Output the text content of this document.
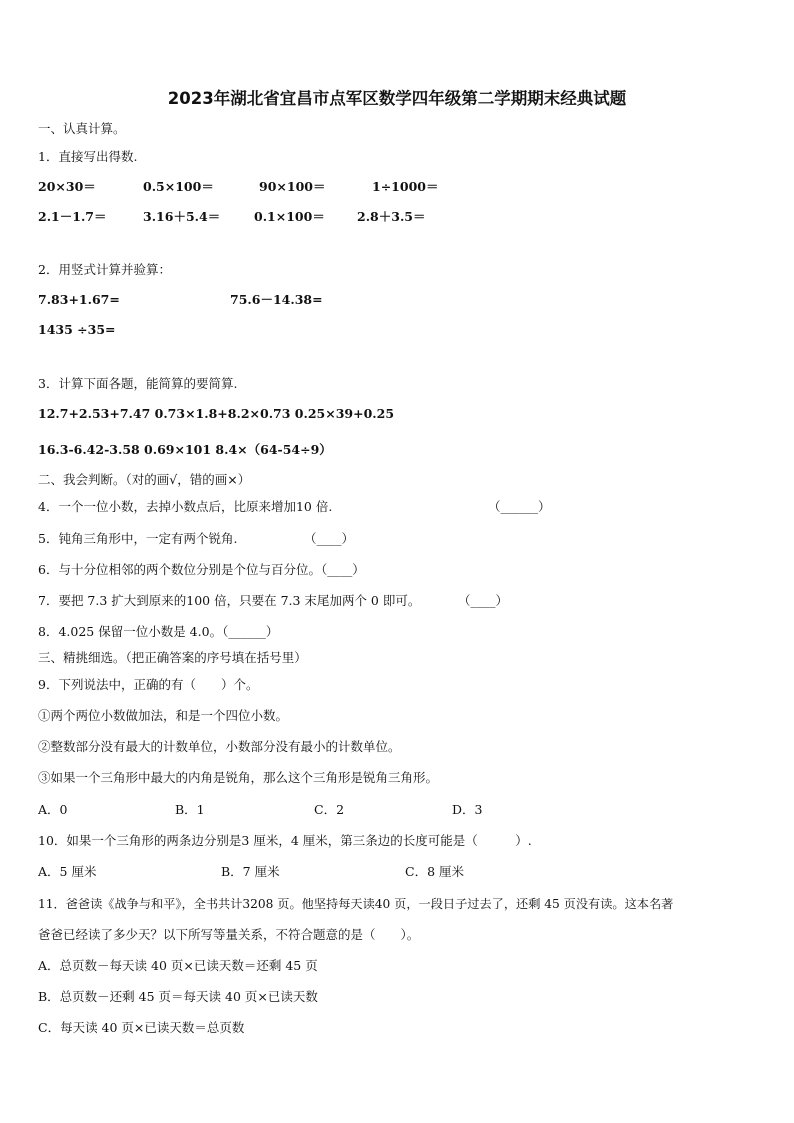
2023年湖北省宜昌市点军区数学四年级第二学期期末经典试题
一、认真计算。
1．直接写出得数.
20×30＝	0.5×100＝	90×100＝	1÷1000＝
2.1－1.7＝	3.16＋5.4＝	0.1×100＝	2.8＋3.5＝
2．用竖式计算并验算：
7.83+1.67=	75.6－14.38=
1435 ÷35=
3．计算下面各题，能简算的要简算.
12.7+2.53+7.47 0.73×1.8+8.2×0.73 0.25×39+0.25
16.3-6.42-3.58 0.69×101 8.4×（64-54÷9）
二、我会判断。（对的画√，错的画×）
4．一个一位小数，去掉小数点后，比原来增加10 倍.	（______）
5．钝角三角形中，一定有两个锐角.	（____）
6．与十分位相邻的两个数位分别是个位与百分位。（____）
7．要把 7.3 扩大到原来的100 倍，只要在 7.3 末尾加两个 0 即可。	（____）
8．4.025 保留一位小数是 4.0。（______）
三、精挑细选。（把正确答案的序号填在括号里）
9．下列说法中，正确的有（　　）个。
①两个两位小数做加法，和是一个四位小数。
②整数部分没有最大的计数单位，小数部分没有最小的计数单位。
③如果一个三角形中最大的内角是锐角，那么这个三角形是锐角三角形。
A．0	B．1	C．2	D．3
10．如果一个三角形的两条边分别是3 厘米，4 厘米，第三条边的长度可能是（　　　）.
A．5 厘米	B．7 厘米	C．8 厘米
11．爸爸读《战争与和平》，全书共计3208 页。他坚持每天读40 页，一段日子过去了，还剩 45 页没有读。这本名著
爸爸已经读了多少天？以下所写等量关系，不符合题意的是（　　）。
A．总页数－每天读 40 页×已读天数＝还剩 45 页
B．总页数－还剩 45 页＝每天读 40 页×已读天数
C．每天读 40 页×已读天数＝总页数
